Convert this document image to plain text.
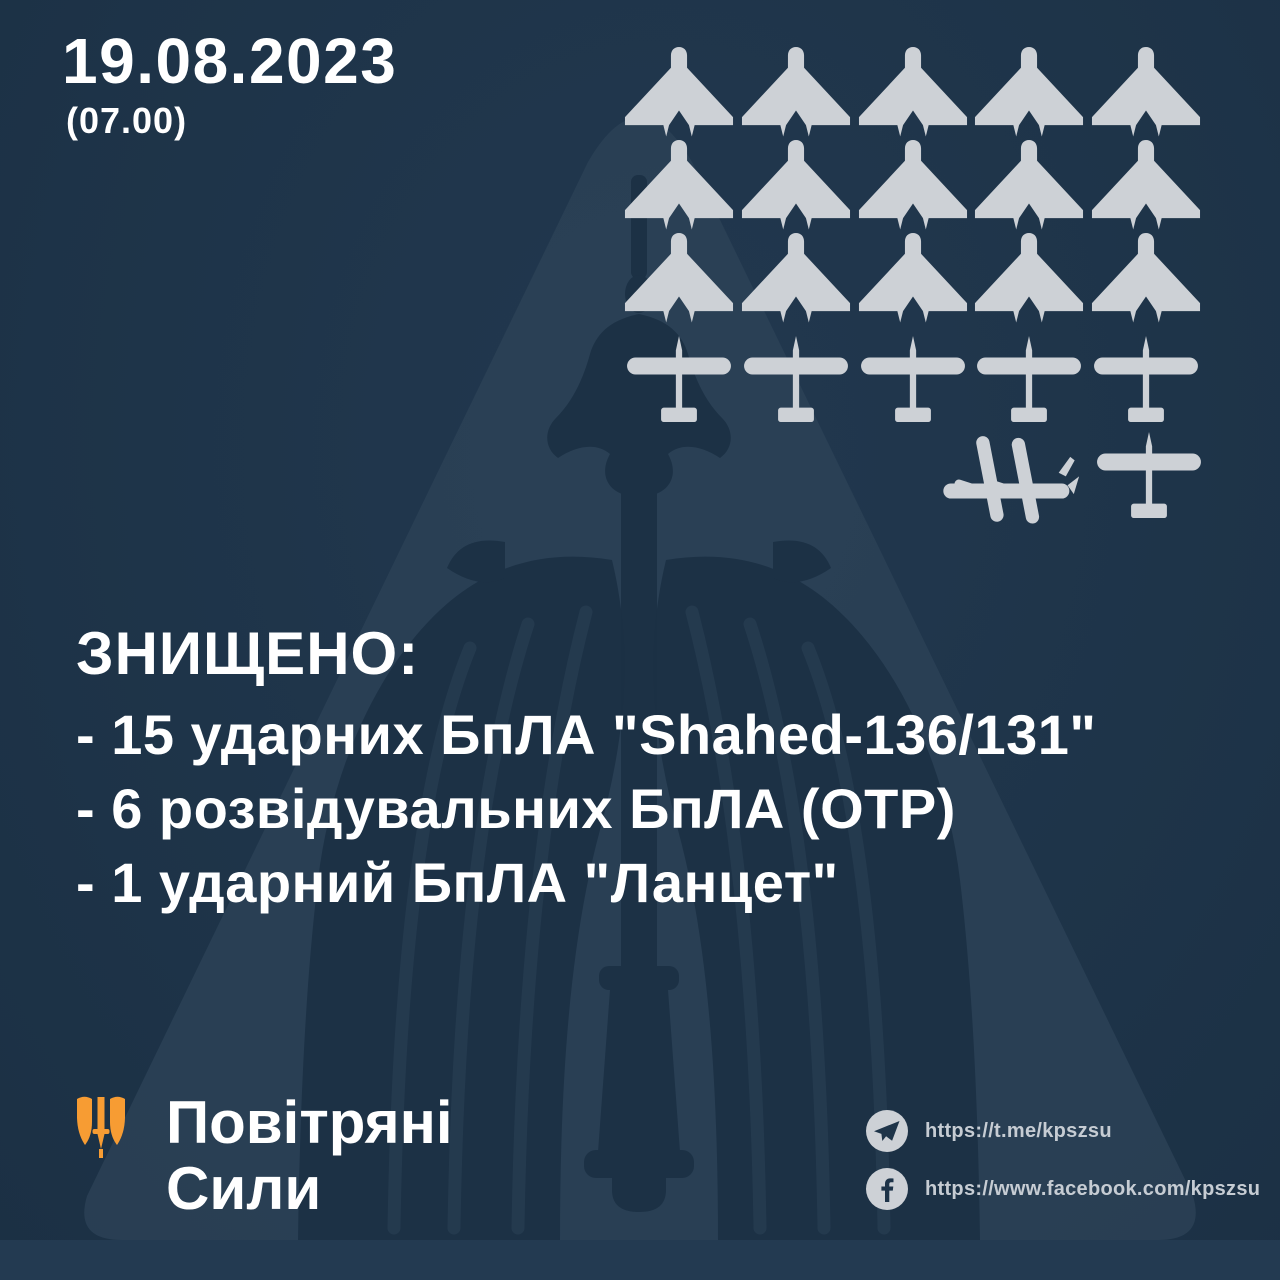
19.08.2023
(07.00)
ЗНИЩЕНО:
- 15 ударних БпЛА "Shahed-136/131"
- 6 розвідувальних БпЛА (ОТР)
- 1 ударний БпЛА "Ланцет"
Повітряні
Сили
https://t.me/kpszsu
https://www.facebook.com/kpszsu
